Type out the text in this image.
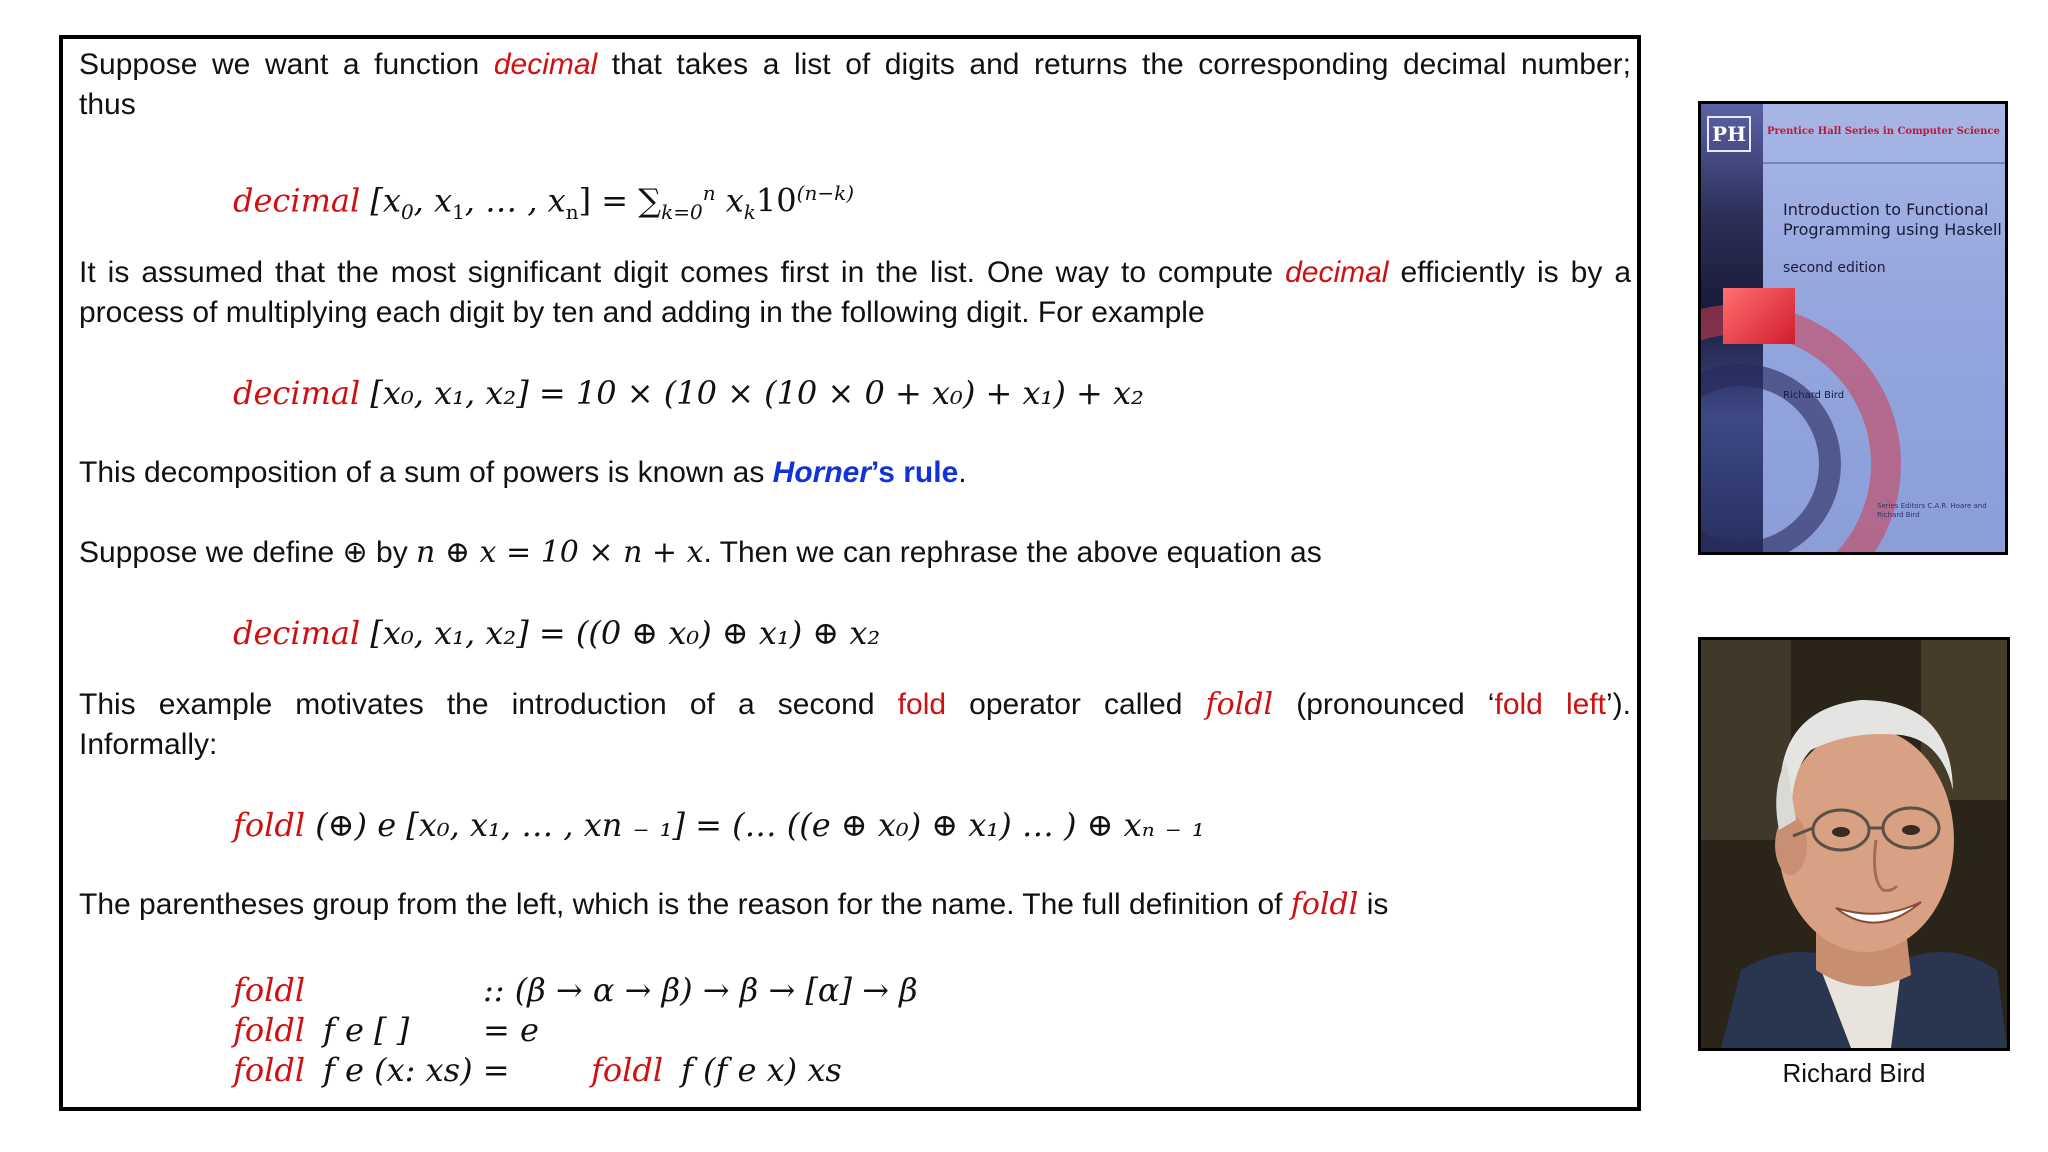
Suppose we want a function decimal that takes a list of digits and returns the corresponding decimal number;
thus
decimal [$x_0$, $x_1$, … , $x_n] = \sum_{k=0}^n$ $x_k10^{(n-k)}$
It is assumed that the most significant digit comes first in the list. One way to compute decimal efficiently is by a
process of multiplying each digit by ten and adding in the following digit. For example
decimal [x₀, x₁, x₂] = 10 × (10 × (10 × 0 + x₀) + x₁) + x₂
This decomposition of a sum of powers is known as Horner’s rule.
Suppose we define ⊕ by n ⊕ x = 10 × n + x. Then we can rephrase the above equation as
decimal [x₀, x₁, x₂] = ((0 ⊕ x₀) ⊕ x₁) ⊕ x₂
This example motivates the introduction of a second fold operator called foldl (pronounced ‘fold left’).
Informally:
foldl (⊕) e [x₀, x₁, … , xn ₋ ₁] = (… ((e ⊕ x₀) ⊕ x₁) … ) ⊕ xₙ ₋ ₁
The parentheses group from the left, which is the reason for the name. The full definition of foldl is
foldl	:: (β → α → β) → β → [α] → β
foldl f e [ ] = e
foldl f e (x: xs) =	foldl f (f e x) xs
PH	Prentice Hall Series in Computer Science
Introduction to Functional Programming using Haskell
second edition
Richard Bird
Series Editors C.A.R. Hoare and Richard Bird
Richard Bird
